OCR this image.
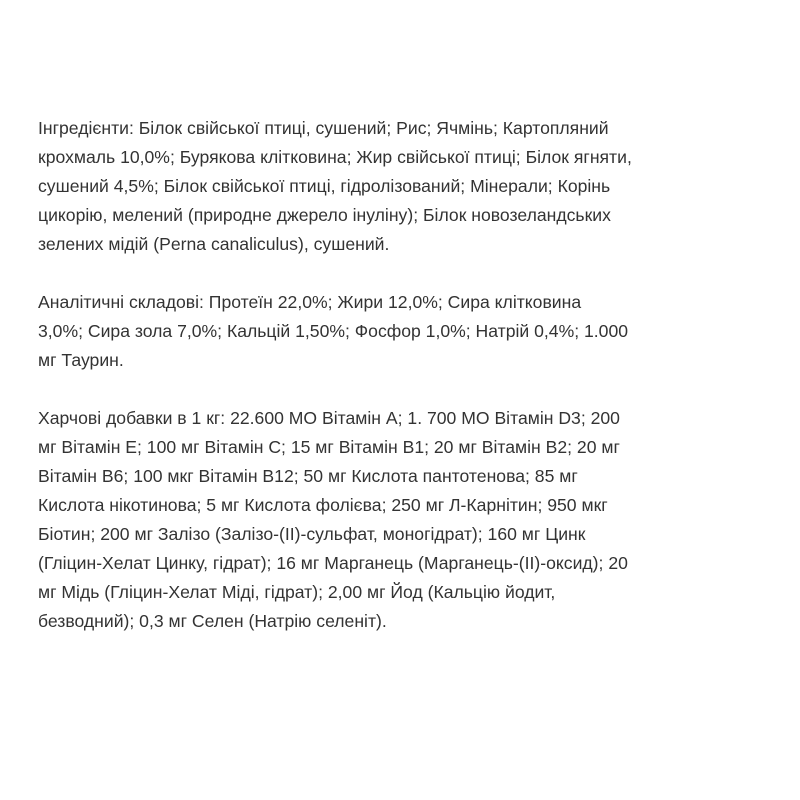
Інгредієнти: Білок свійської птиці, сушений; Рис; Ячмінь; Картопляний
крохмаль 10,0%; Бурякова клітковина; Жир свійської птиці; Білок ягняти,
сушений 4,5%; Білок свійської птиці, гідролізований; Мінерали; Корінь
цикорію, мелений (природне джерело інуліну); Білок новозеландських
зелених мідій (Perna canaliculus), сушений.

Аналітичні складові: Протеїн 22,0%; Жири 12,0%; Сира клітковина
3,0%; Сира зола 7,0%; Кальцій 1,50%; Фосфор 1,0%; Натрій 0,4%; 1.000
мг Таурин.

Харчові добавки в 1 кг: 22.600 МО Вітамін А; 1. 700 МО Вітамін D3; 200
мг Вітамін Е; 100 мг Вітамін С; 15 мг Вітамін В1; 20 мг Вітамін В2; 20 мг
Вітамін В6; 100 мкг Вітамін В12; 50 мг Кислота пантотенова; 85 мг
Кислота нікотинова; 5 мг Кислота фолієва; 250 мг Л-Карнітин; 950 мкг
Біотин; 200 мг Залізо (Залізо-(II)-сульфат, моногідрат); 160 мг Цинк
(Гліцин-Хелат Цинку, гідрат); 16 мг Марганець (Марганець-(II)-оксид); 20
мг Мідь (Гліцин-Хелат Міді, гідрат); 2,00 мг Йод (Кальцію йодит,
безводний); 0,3 мг Селен (Натрію селеніт).
